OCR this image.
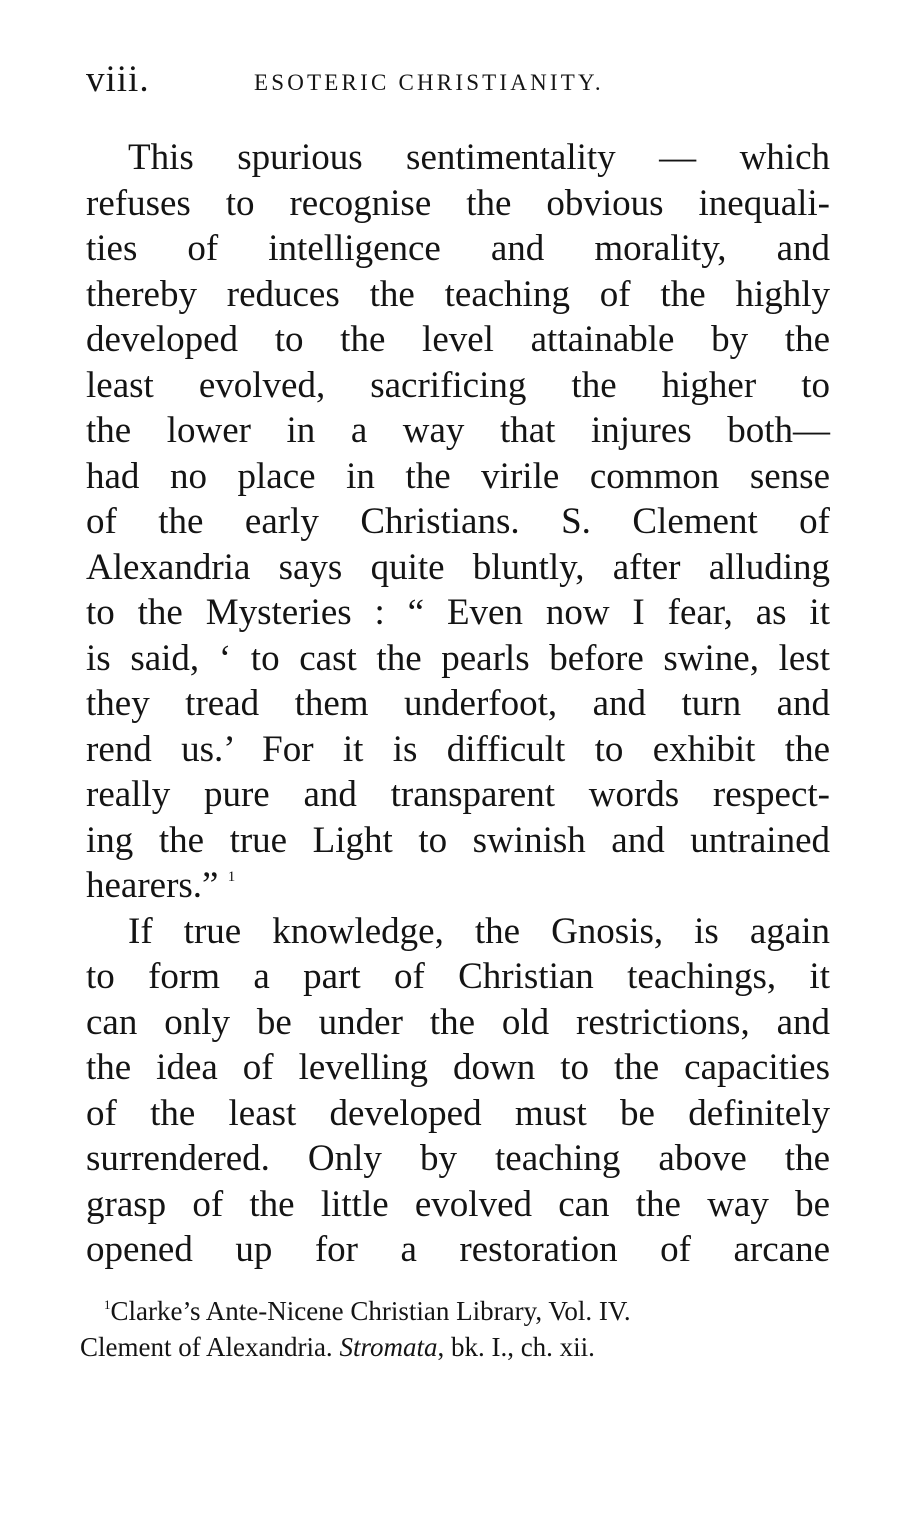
viii.	ESOTERIC CHRISTIANITY.
This spurious sentimentality — which
refuses to recognise the obvious inequali-
ties of intelligence and morality, and
thereby reduces the teaching of the highly
developed to the level attainable by the
least evolved, sacrificing the higher to
the lower in a way that injures both—
had no place in the virile common sense
of the early Christians. S. Clement of
Alexandria says quite bluntly, after alluding
to the Mysteries : “ Even now I fear, as it
is said, ‘ to cast the pearls before swine, lest
they tread them underfoot, and turn and
rend us.’ For it is difficult to exhibit the
really pure and transparent words respect-
ing the true Light to swinish and untrained
hearers.” $^1$
If true knowledge, the Gnosis, is again
to form a part of Christian teachings, it
can only be under the old restrictions, and
the idea of levelling down to the capacities
of the least developed must be definitely
surrendered. Only by teaching above the
grasp of the little evolved can the way be
opened up for a restoration of arcane
$^1$Clarke’s Ante-Nicene Christian Library, Vol. IV.
Clement of Alexandria. Stromata, bk. I., ch. xii.
